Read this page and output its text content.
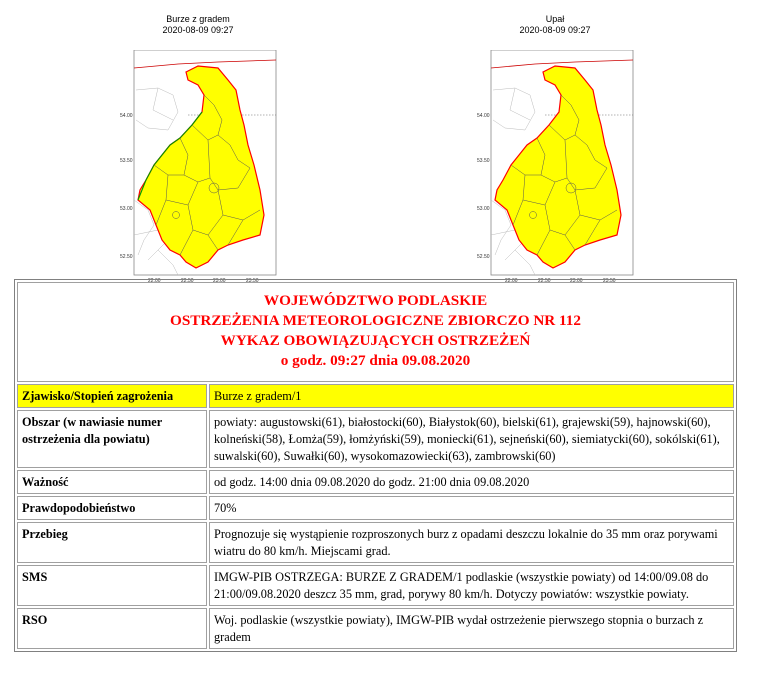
Burze z gradem
2020-08-09 09:27
54.00
53.50
53.00
52.50
22.00	22.50	23.00	23.50
Upał
2020-08-09 09:27
54.00
53.50
53.00
52.50
22.00	22.50	23.00	23.50
WOJEWÓDZTWO PODLASKIE
OSTRZEŻENIA METEOROLOGICZNE ZBIORCZO NR 112
WYKAZ OBOWIĄZUJĄCYCH OSTRZEŻEŃ
o godz. 09:27 dnia 09.08.2020	

Zjawisko/Stopień zagrożenia	Burze z gradem/1
Obszar (w nawiasie numer ostrzeżenia dla powiatu)	powiaty: augustowski(61), białostocki(60), Białystok(60), bielski(61), grajewski(59), hajnowski(60), kolneński(58), Łomża(59), łomżyński(59), moniecki(61), sejneński(60), siemiatycki(60), sokólski(61), suwalski(60), Suwałki(60), wysokomazowiecki(63), zambrowski(60)
Ważność	od godz. 14:00 dnia 09.08.2020 do godz. 21:00 dnia 09.08.2020
Prawdopodobieństwo	70%
Przebieg	Prognozuje się wystąpienie rozproszonych burz z opadami deszczu lokalnie do 35 mm oraz porywami wiatru do 80 km/h. Miejscami grad.
SMS	IMGW-PIB OSTRZEGA: BURZE Z GRADEM/1 podlaskie (wszystkie powiaty) od 14:00/09.08 do 21:00/09.08.2020 deszcz 35 mm, grad, porywy 80 km/h. Dotyczy powiatów: wszystkie powiaty.
RSO	Woj. podlaskie (wszystkie powiaty), IMGW-PIB wydał ostrzeżenie pierwszego stopnia o burzach z gradem
